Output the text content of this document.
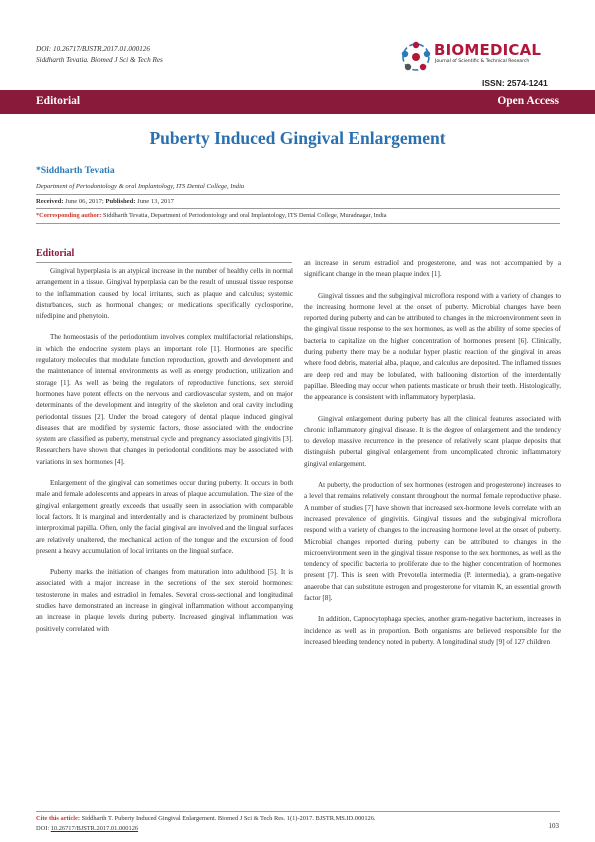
DOI: 10.26717/BJSTR.2017.01.000126
Siddharth Tevatia. Biomed J Sci & Tech Res
BIOMEDICAL
Journal of Scientific & Technical Research
ISSN: 2574-1241
Editorial	Open Access
Puberty Induced Gingival Enlargement
*Siddharth Tevatia
Department of Periodontology & oral Implantology, ITS Dental College, India
Received: June 06, 2017; Published: June 13, 2017
*Corresponding author: Siddharth Tevatia, Department of Periodontology and oral Implantology, ITS Dental College, Muradnagar, India
Editorial

Gingival hyperplasia is an atypical increase in the number of healthy cells in normal arrangement in a tissue. Gingival hyperplasia can be the result of unusual tissue response to the inflammation caused by local irritants, such as plaque and calculus; systemic disturbances, such as hormonal changes; or medications specifically cyclosporine, nifedipine and phenytoin.

The homeostasis of the periodontium involves complex multifactorial relationships, in which the endocrine system plays an important role [1]. Hormones are specific regulatory molecules that modulate function reproduction, growth and development and the maintenance of internal environments as well as energy production, utilization and storage [1]. As well as being the regulators of reproductive functions, sex steroid hormones have potent effects on the nervous and cardiovascular system, and on major determinants of the development and integrity of the skeleton and oral cavity including periodontal tissues [2]. Under the broad category of dental plaque induced gingival diseases that are modified by systemic factors, those associated with the endocrine system are classified as puberty, menstrual cycle and pregnancy associated gingivitis [3]. Researchers have shown that changes in periodontal conditions may be associated with variations in sex hormones [4].

Enlargement of the gingival can sometimes occur during puberty. It occurs in both male and female adolescents and appears in areas of plaque accumulation. The size of the gingival enlargement greatly exceeds that usually seen in association with comparable local factors. It is marginal and interdentally and is characterized by prominent bulbous interproximal papilla. Often, only the facial gingival are involved and the lingual surfaces are relatively unaltered, the mechanical action of the tongue and the excursion of food present a heavy accumulation of local irritants on the lingual surface.

Puberty marks the initiation of changes from maturation into adulthood [5]. It is associated with a major increase in the secretions of the sex steroid hormones: testosterone in males and estradiol in females. Several cross-sectional and longitudinal studies have demonstrated an increase in gingival inflammation without accompanying an increase in plaque levels during puberty. Increased gingival inflammation was positively correlated with

an increase in serum estradiol and progesterone, and was not accompanied by a significant change in the mean plaque index [1].

Gingival tissues and the subgingival microflora respond with a variety of changes to the increasing hormone level at the onset of puberty. Microbial changes have been reported during puberty and can be attributed to changes in the microenvironment seen in the gingival tissue response to the sex hormones, as well as the ability of some species of bacteria to capitalize on the higher concentration of hormones present [6]. Clinically, during puberty there may be a nodular hyper plastic reaction of the gingival in areas where food debris, material alba, plaque, and calculus are deposited. The inflamed tissues are deep red and may be lobulated, with ballooning distortion of the interdentally papillae. Bleeding may occur when patients masticate or brush their teeth. Histologically, the appearance is consistent with inflammatory hyperplasia.

Gingival enlargement during puberty has all the clinical features associated with chronic inflammatory gingival disease. It is the degree of enlargement and the tendency to develop massive recurrence in the presence of relatively scant plaque deposits that distinguish pubertal gingival enlargement from uncomplicated chronic inflammatory gingival enlargement.

At puberty, the production of sex hormones (estrogen and progesterone) increases to a level that remains relatively constant throughout the normal female reproductive phase. A number of studies [7] have shown that increased sex-hormone levels correlate with an increased prevalence of gingivitis. Gingival tissues and the subgingival microflora respond with a variety of changes to the increasing hormone level at the onset of puberty. Microbial changes reported during puberty can be attributed to changes in the microenvironment seen in the gingival tissue response to the sex hormones, as well as the tendency of specific bacteria to proliferate due to the higher concentration of hormones present [7]. This is seen with Prevotella intermedia (P. intermedia), a gram-negative anaerobe that can substitute estrogen and progesterone for vitamin K, an essential growth factor [8].

In addition, Capnocytophaga species, another gram-negative bacterium, increases in incidence as well as in proportion. Both organisms are believed responsible for the increased bleeding tendency noted in puberty. A longitudinal study [9] of 127 children

Cite this article: Siddharth T. Puberty Induced Gingival Enlargement. Biomed J Sci & Tech Res. 1(1)-2017. BJSTR.MS.ID.000126.
DOI: 10.26717/BJSTR.2017.01.000126	103
